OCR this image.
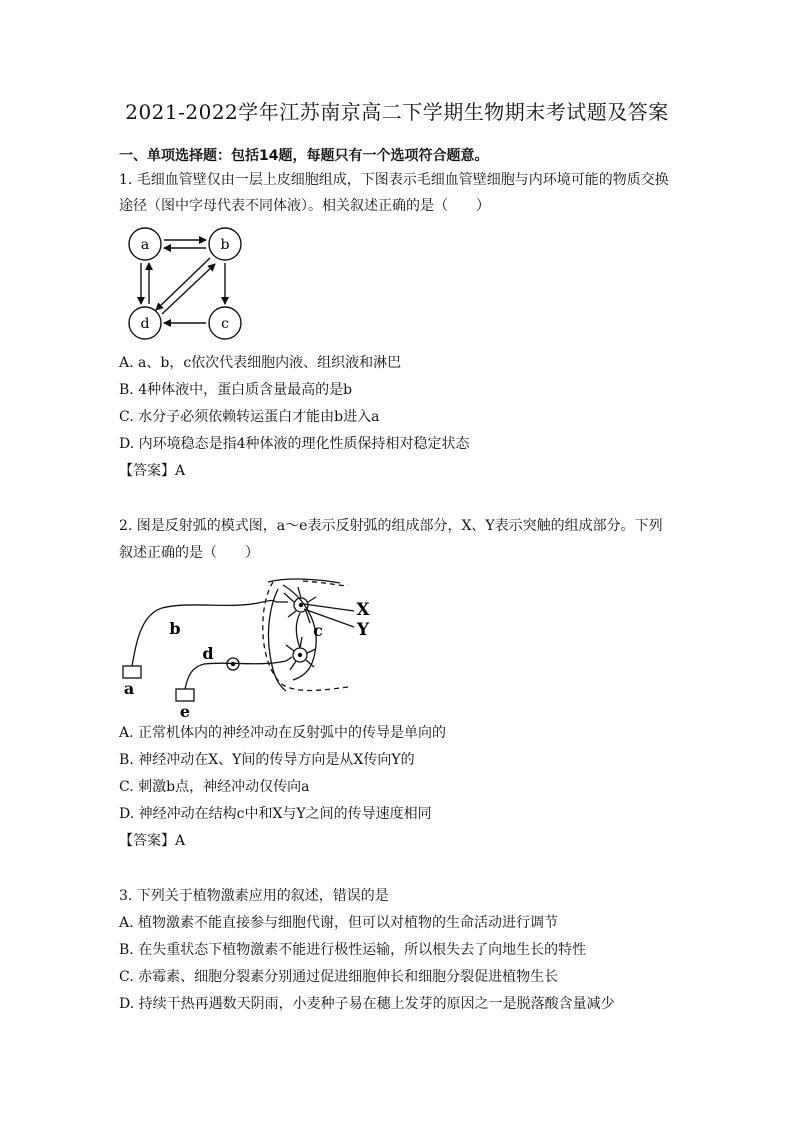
2021-2022学年江苏南京高二下学期生物期末考试题及答案
一、单项选择题：包括14题，每题只有一个选项符合题意。
1. 毛细血管壁仅由一层上皮细胞组成，下图表示毛细血管壁细胞与内环境可能的物质交换
途径（图中字母代表不同体液）。相关叙述正确的是（　　）
a	b
d	c
A. a、b，c依次代表细胞内液、组织液和淋巴
B. 4种体液中，蛋白质含量最高的是b
C. 水分子必须依赖转运蛋白才能由b进入a
D. 内环境稳态是指4种体液的理化性质保持相对稳定状态
【答案】A
2. 图是反射弧的模式图，a～e表示反射弧的组成部分，X、Y表示突触的组成部分。下列
叙述正确的是（　　）
a
b	c
d
e
X
Y
A. 正常机体内的神经冲动在反射弧中的传导是单向的
B. 神经冲动在X、Y间的传导方向是从X传向Y的
C. 刺激b点，神经冲动仅传向a
D. 神经冲动在结构c中和X与Y之间的传导速度相同
【答案】A
3. 下列关于植物激素应用的叙述，错误的是
A. 植物激素不能直接参与细胞代谢，但可以对植物的生命活动进行调节
B. 在失重状态下植物激素不能进行极性运输，所以根失去了向地生长的特性
C. 赤霉素、细胞分裂素分别通过促进细胞伸长和细胞分裂促进植物生长
D. 持续干热再遇数天阴雨，小麦种子易在穗上发芽的原因之一是脱落酸含量减少
